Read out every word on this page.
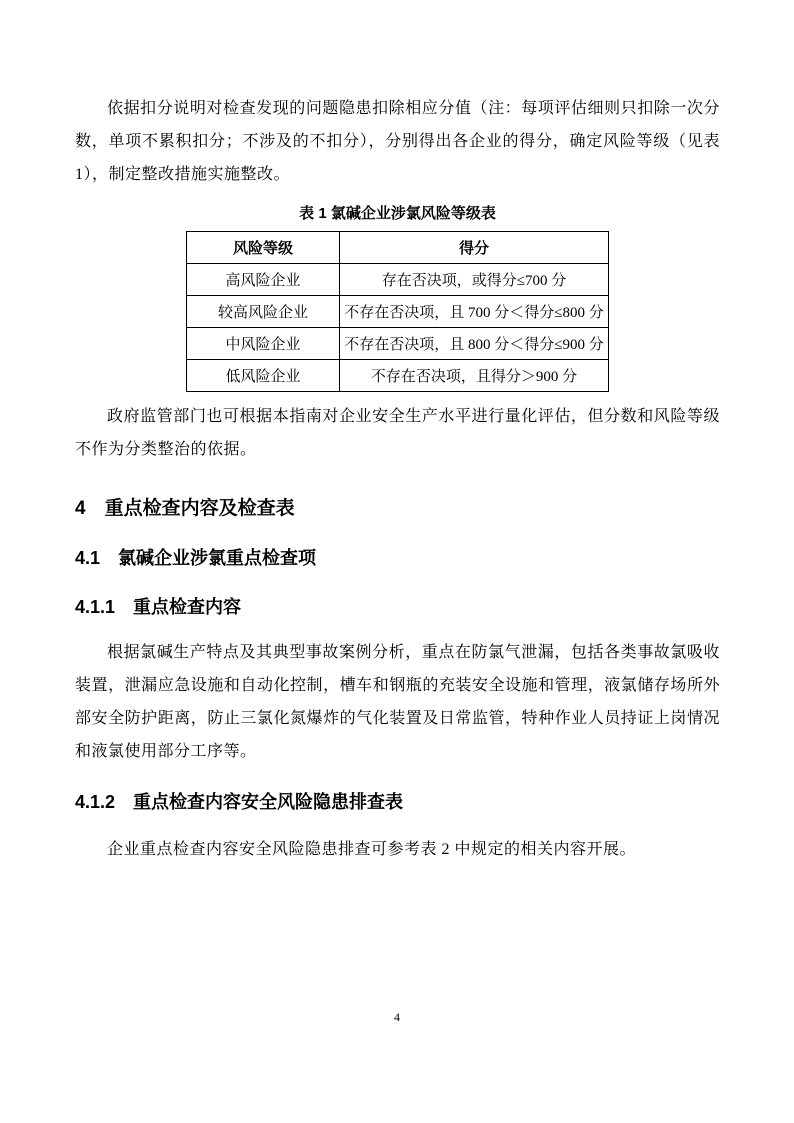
依据扣分说明对检查发现的问题隐患扣除相应分值（注：每项评估细则只扣除一次分数，单项不累积扣分；不涉及的不扣分），分别得出各企业的得分，确定风险等级（见表 1），制定整改措施实施整改。

表 1 氯碱企业涉氯风险等级表
风险等级	得分
高风险企业	存在否决项，或得分≤700 分
较高风险企业	不存在否决项，且 700 分＜得分≤800 分
中风险企业	不存在否决项，且 800 分＜得分≤900 分
低风险企业	不存在否决项，且得分＞900 分

政府监管部门也可根据本指南对企业安全生产水平进行量化评估，但分数和风险等级不作为分类整治的依据。

4　重点检查内容及检查表
4.1　氯碱企业涉氯重点检查项
4.1.1　重点检查内容

根据氯碱生产特点及其典型事故案例分析，重点在防氯气泄漏，包括各类事故氯吸收装置，泄漏应急设施和自动化控制，槽车和钢瓶的充装安全设施和管理，液氯储存场所外部安全防护距离，防止三氯化氮爆炸的气化装置及日常监管，特种作业人员持证上岗情况和液氯使用部分工序等。

4.1.2　重点检查内容安全风险隐患排查表

企业重点检查内容安全风险隐患排查可参考表 2 中规定的相关内容开展。

4
